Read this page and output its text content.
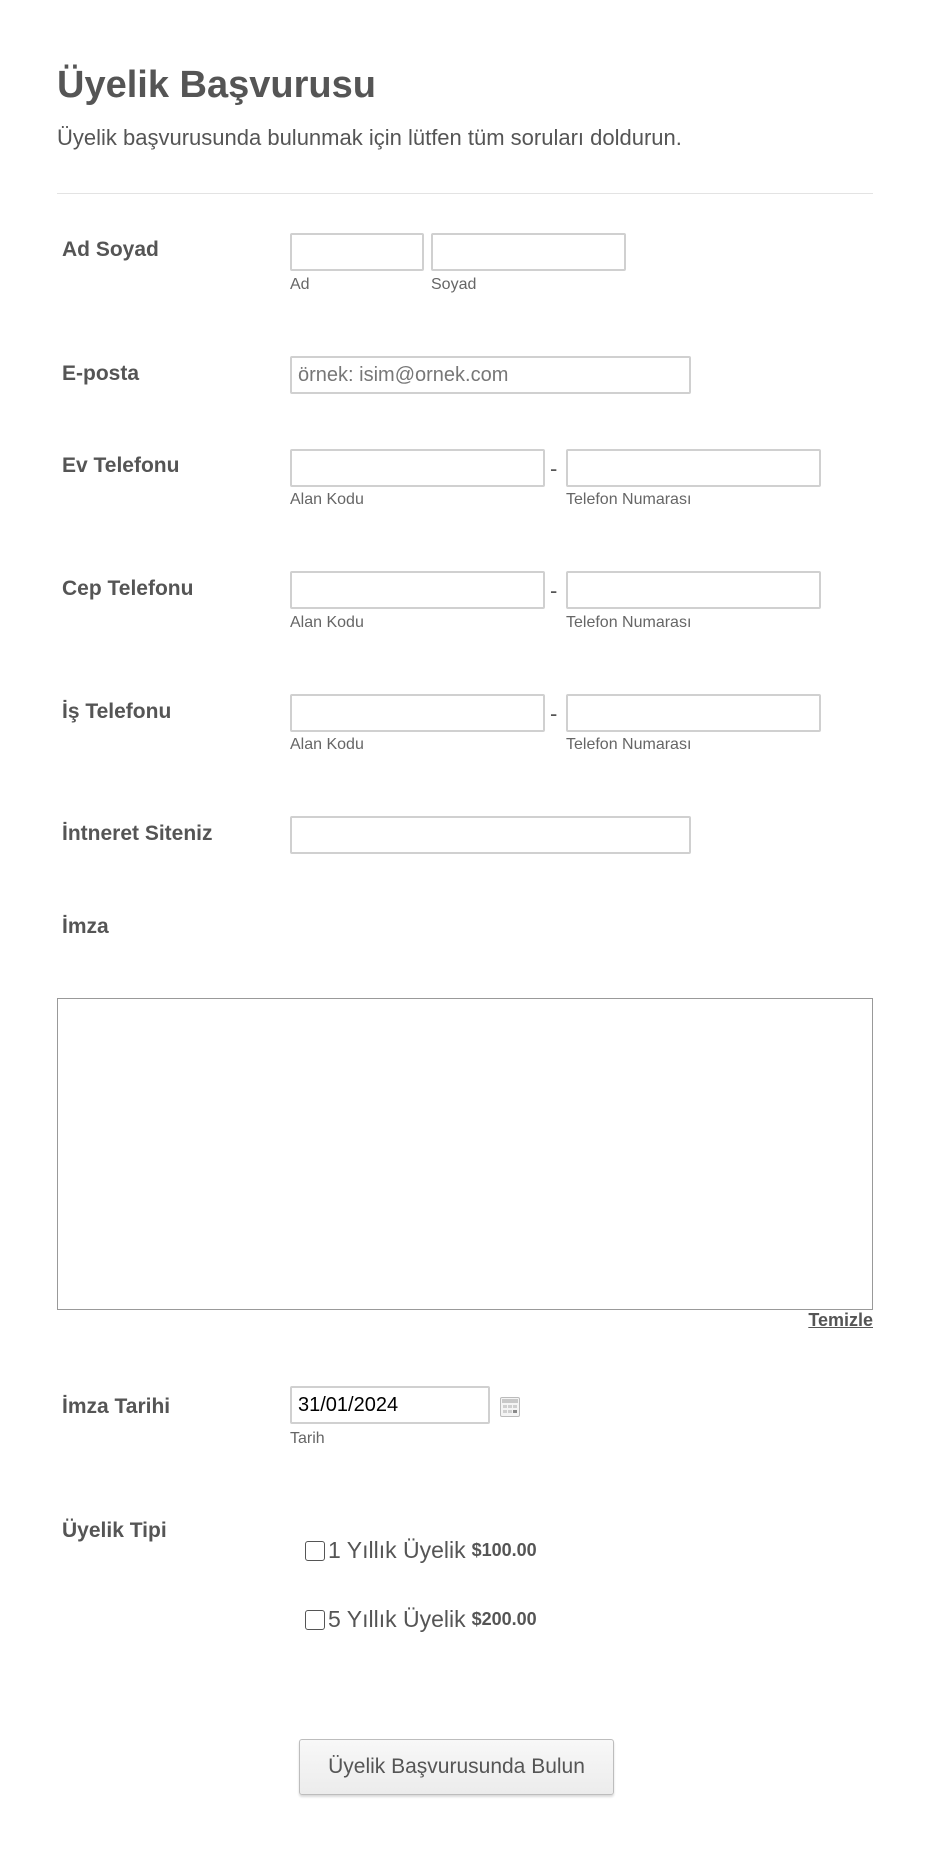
Üyelik Başvurusu
Üyelik başvurusunda bulunmak için lütfen tüm soruları doldurun.
Ad Soyad
Ad	Soyad
E-posta
örnek: isim@ornek.com
Ev Telefonu	-
Alan Kodu	Telefon Numarası
Cep Telefonu	-
Alan Kodu	Telefon Numarası
İş Telefonu	-
Alan Kodu	Telefon Numarası
İntneret Siteniz
İmza
Temizle
İmza Tarihi
31/01/2024
Tarih
Üyelik Tipi
1 Yıllık Üyelik $100.00
5 Yıllık Üyelik $200.00
Üyelik Başvurusunda Bulun
